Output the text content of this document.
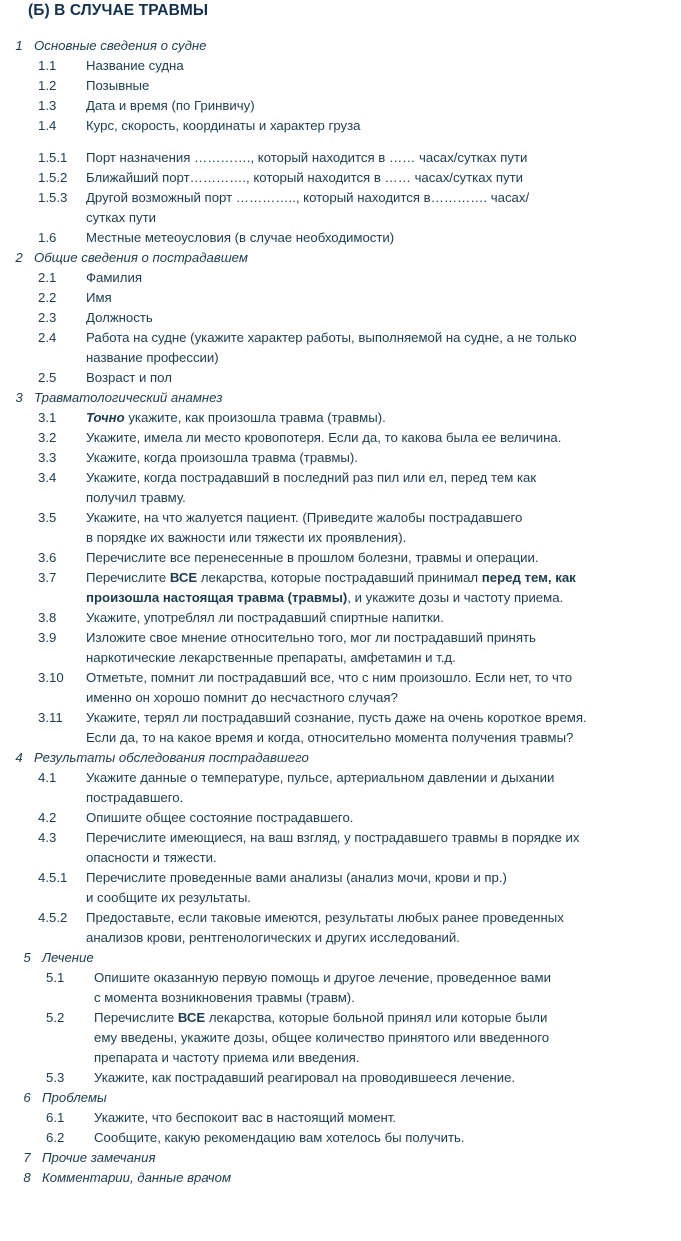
(Б) В СЛУЧАЕ ТРАВМЫ
1 Основные сведения о судне
1.1	Название судна
1.2	Позывные
1.3	Дата и время (по Гринвичу)
1.4	Курс, скорость, координаты и характер груза
1.5.1	Порт назначения …………., который находится в …… часах/сутках пути
1.5.2	Ближайший порт…………., который находится в …… часах/сутках пути
1.5.3	Другой возможный порт ………….., который находится в…………. часах/
сутках пути
1.6	Местные метеоусловия (в случае необходимости)
2 Общие сведения о пострадавшем
2.1	Фамилия
2.2	Имя
2.3	Должность
2.4	Работа на судне (укажите характер работы, выполняемой на судне, а не только
название профессии)
2.5	Возраст и пол
3 Травматологический анамнез
3.1	Точно укажите, как произошла травма (травмы).
3.2	Укажите, имела ли место кровопотеря. Если да, то какова была ее величина.
3.3	Укажите, когда произошла травма (травмы).
3.4	Укажите, когда пострадавший в последний раз пил или ел, перед тем как
получил травму.
3.5	Укажите, на что жалуется пациент. (Приведите жалобы пострадавшего
в порядке их важности или тяжести их проявления).
3.6	Перечислите все перенесенные в прошлом болезни, травмы и операции.
3.7	Перечислите ВСЕ лекарства, которые пострадавший принимал перед тем, как
произошла настоящая травма (травмы), и укажите дозы и частоту приема.
3.8	Укажите, употреблял ли пострадавший спиртные напитки.
3.9	Изложите свое мнение относительно того, мог ли пострадавший принять
наркотические лекарственные препараты, амфетамин и т.д.
3.10	Отметьте, помнит ли пострадавший все, что с ним произошло. Если нет, то что
именно он хорошо помнит до несчастного случая?
3.11	Укажите, терял ли пострадавший сознание, пусть даже на очень короткое время.
Если да, то на какое время и когда, относительно момента получения травмы?
4 Результаты обследования пострадавшего
4.1	Укажите данные о температуре, пульсе, артериальном давлении и дыхании
пострадавшего.
4.2	Опишите общее состояние пострадавшего.
4.3	Перечислите имеющиеся, на ваш взгляд, у пострадавшего травмы в порядке их
опасности и тяжести.
4.5.1	Перечислите проведенные вами анализы (анализ мочи, крови и пр.)
и сообщите их результаты.
4.5.2	Предоставьте, если таковые имеются, результаты любых ранее проведенных
анализов крови, рентгенологических и других исследований.
5 Лечение
5.1	Опишите оказанную первую помощь и другое лечение, проведенное вами
с момента возникновения травмы (травм).
5.2	Перечислите ВСЕ лекарства, которые больной принял или которые были
ему введены, укажите дозы, общее количество принятого или введенного
препарата и частоту приема или введения.
5.3	Укажите, как пострадавший реагировал на проводившееся лечение.
6 Проблемы
6.1	Укажите, что беспокоит вас в настоящий момент.
6.2	Сообщите, какую рекомендацию вам хотелось бы получить.
7 Прочие замечания
8 Комментарии, данные врачом
